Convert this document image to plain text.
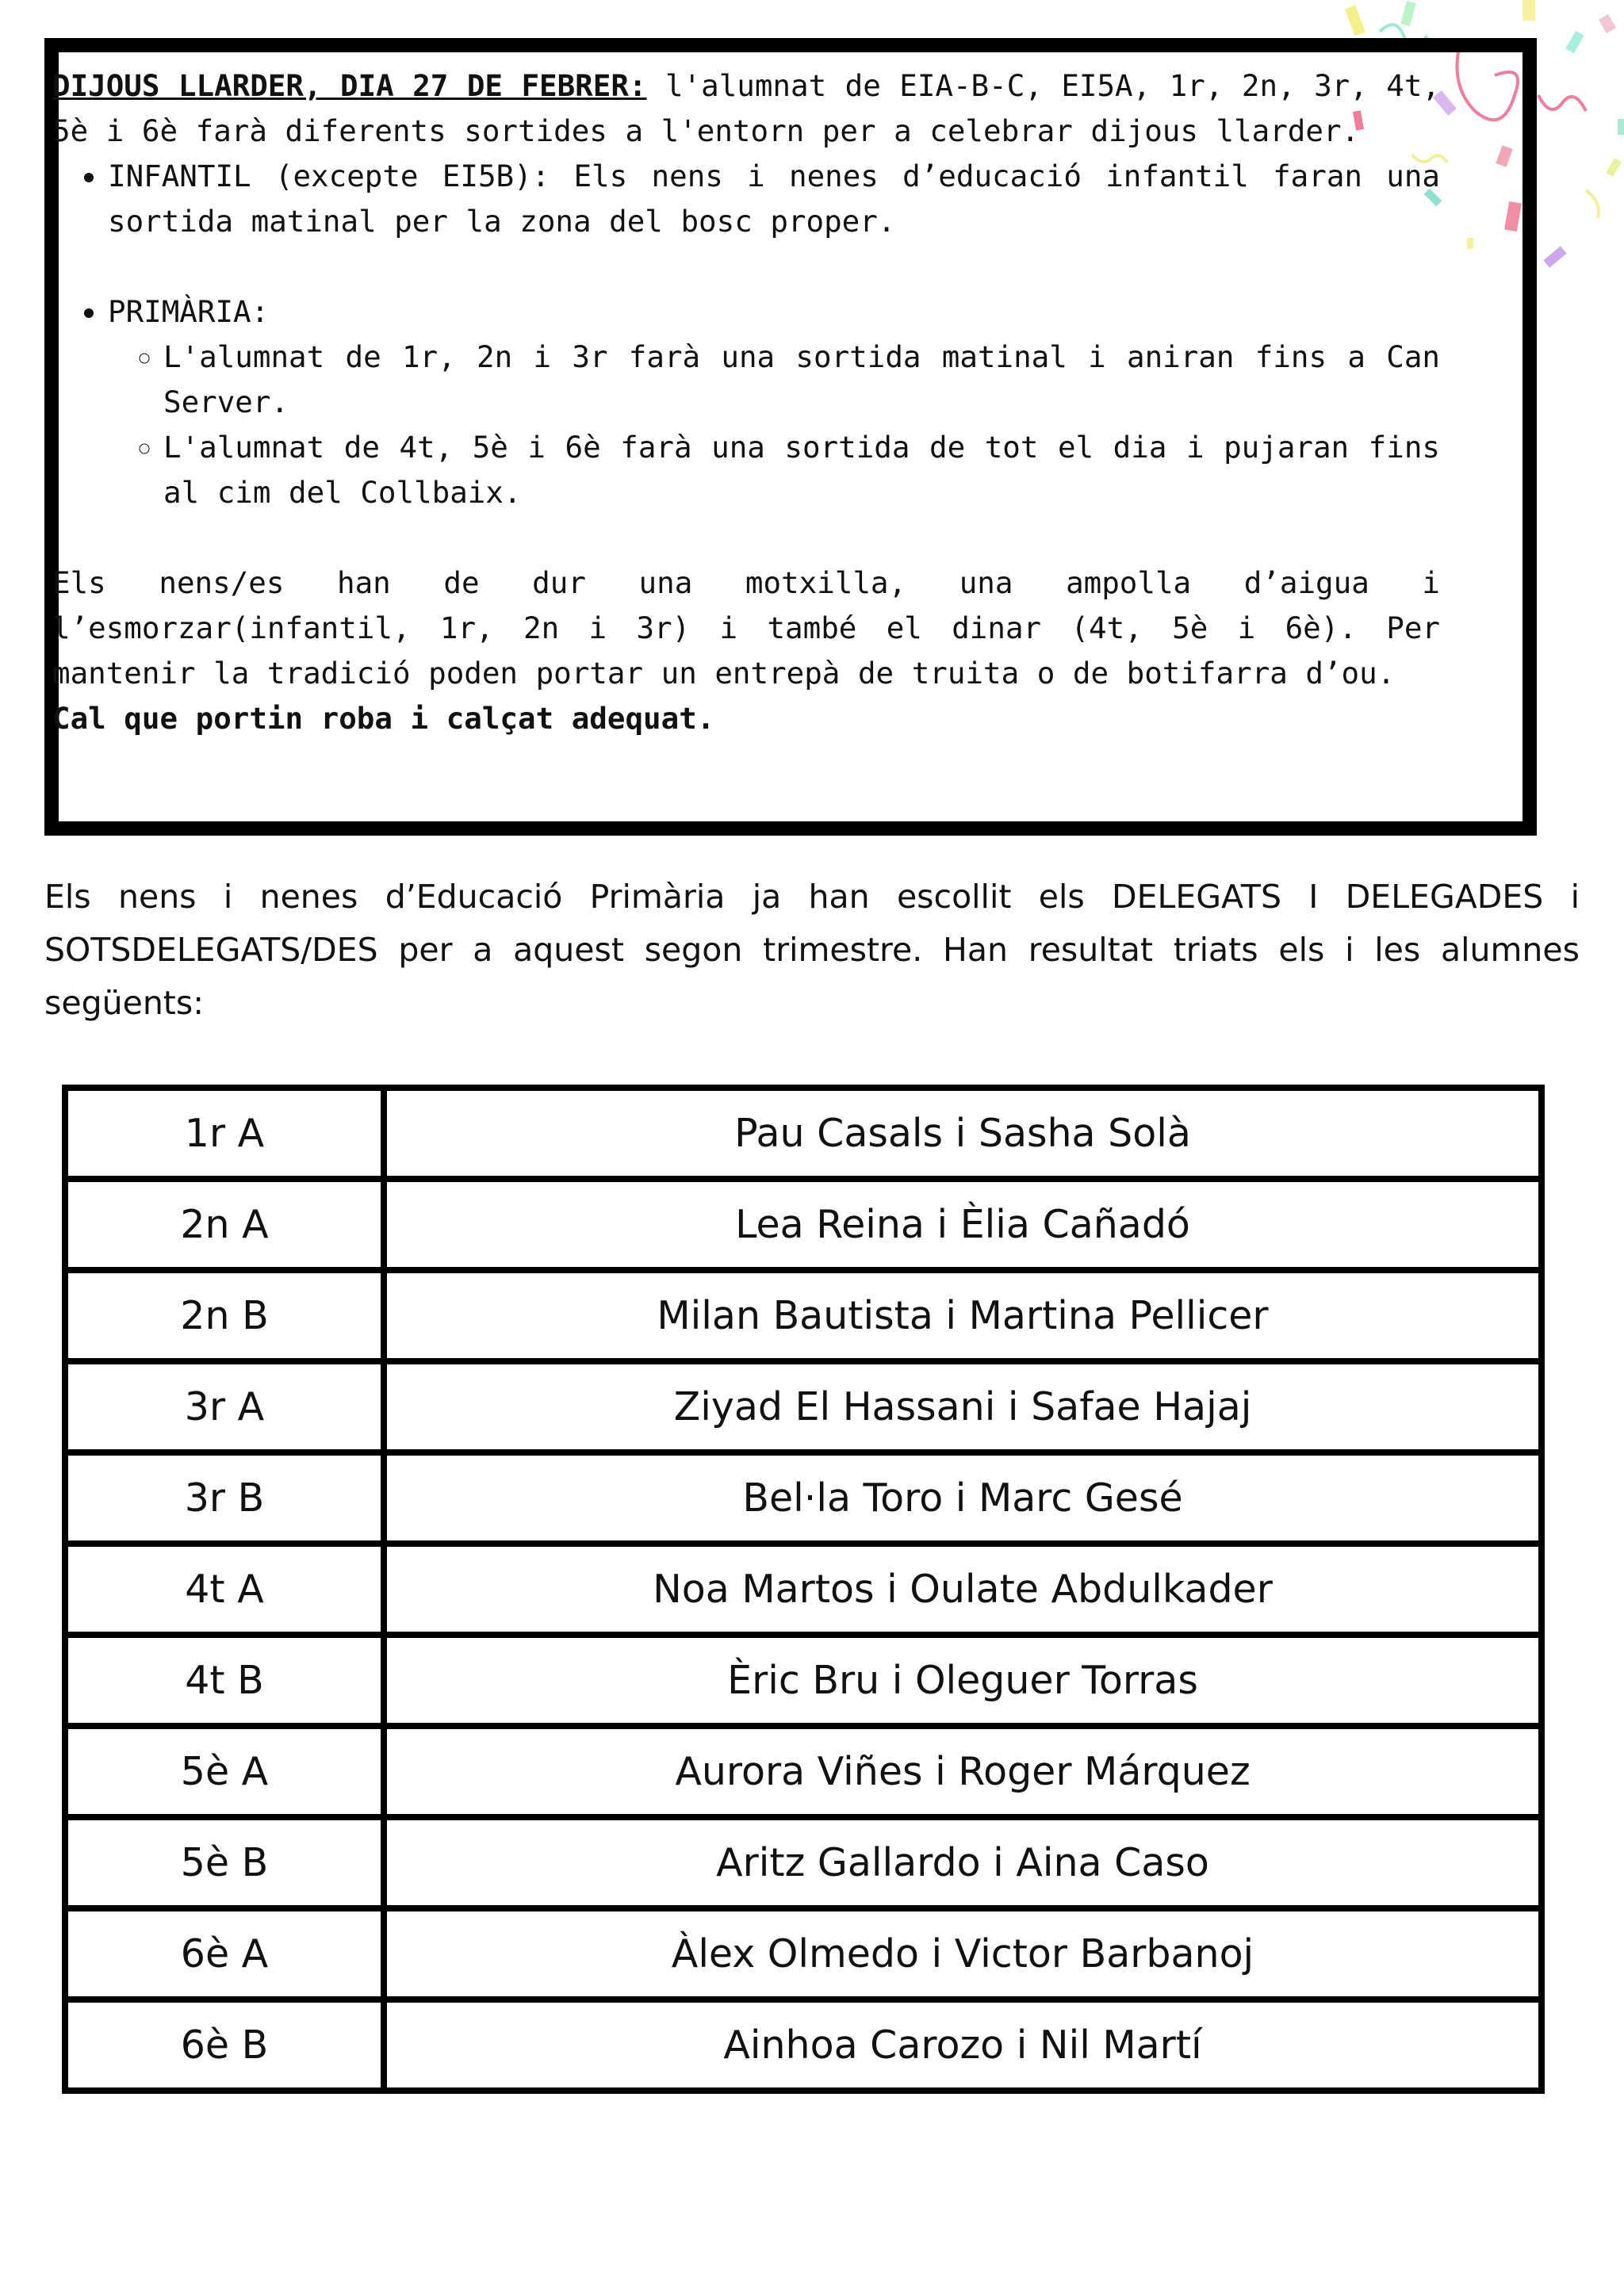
DIJOUS LLARDER, DIA 27 DE FEBRER: l'alumnat de EIA-B-C, EI5A, 1r, 2n, 3r, 4t, 5è i 6è farà diferents sortides a l'entorn per a celebrar dijous llarder.

• INFANTIL (excepte EI5B): Els nens i nenes d’educació infantil faran una sortida matinal per la zona del bosc proper.
• PRIMÀRIA:
◦ L'alumnat de 1r, 2n i 3r farà una sortida matinal i aniran fins a Can Server.
◦ L'alumnat de 4t, 5è i 6è farà una sortida de tot el dia i pujaran fins al cim del Collbaix.

Els nens/es han de dur una motxilla, una ampolla d’aigua i l’esmorzar(infantil, 1r, 2n i 3r) i també el dinar (4t, 5è i 6è). Per mantenir la tradició poden portar un entrepà de truita o de botifarra d’ou.
Cal que portin roba i calçat adequat.

Els nens i nenes d’Educació Primària ja han escollit els DELEGATS I DELEGADES i SOTSDELEGATS/DES per a aquest segon trimestre. Han resultat triats els i les alumnes següents:

1r A	Pau Casals i Sasha Solà
2n A	Lea Reina i Èlia Cañadó
2n B	Milan Bautista i Martina Pellicer
3r A	Ziyad El Hassani i Safae Hajaj
3r B	Bel·la Toro i Marc Gesé
4t A	Noa Martos i Oulate Abdulkader
4t B	Èric Bru i Oleguer Torras
5è A	Aurora Viñes i Roger Márquez
5è B	Aritz Gallardo i Aina Caso
6è A	Àlex Olmedo i Victor Barbanoj
6è B	Ainhoa Carozo i Nil Martí
